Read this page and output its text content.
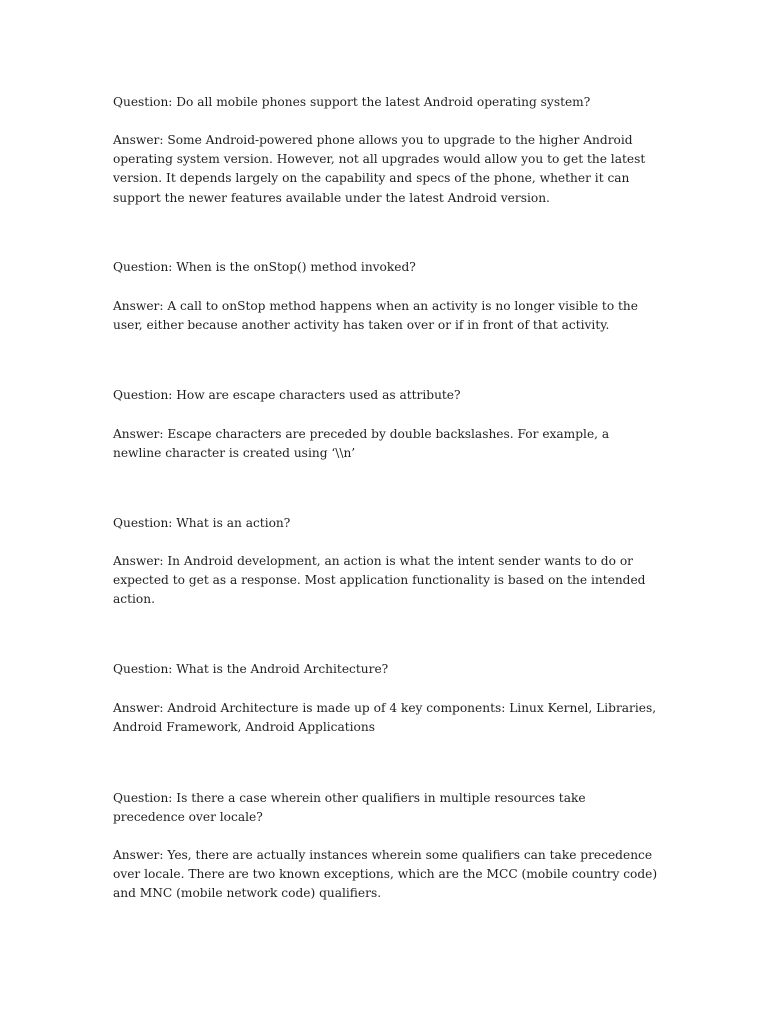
Question: Do all mobile phones support the latest Android operating system?

Answer: Some Android-powered phone allows you to upgrade to the higher Android operating system version. However, not all upgrades would allow you to get the latest version. It depends largely on the capability and specs of the phone, whether it can support the newer features available under the latest Android version.

Question: When is the onStop() method invoked?

Answer: A call to onStop method happens when an activity is no longer visible to the user, either because another activity has taken over or if in front of that activity.

Question: How are escape characters used as attribute?

Answer: Escape characters are preceded by double backslashes. For example, a newline character is created using ‘\\n’

Question: What is an action?

Answer: In Android development, an action is what the intent sender wants to do or expected to get as a response. Most application functionality is based on the intended action.

Question: What is the Android Architecture?

Answer: Android Architecture is made up of 4 key components: Linux Kernel, Libraries, Android Framework, Android Applications

Question: Is there a case wherein other qualifiers in multiple resources take precedence over locale?

Answer: Yes, there are actually instances wherein some qualifiers can take precedence over locale. There are two known exceptions, which are the MCC (mobile country code) and MNC (mobile network code) qualifiers.
